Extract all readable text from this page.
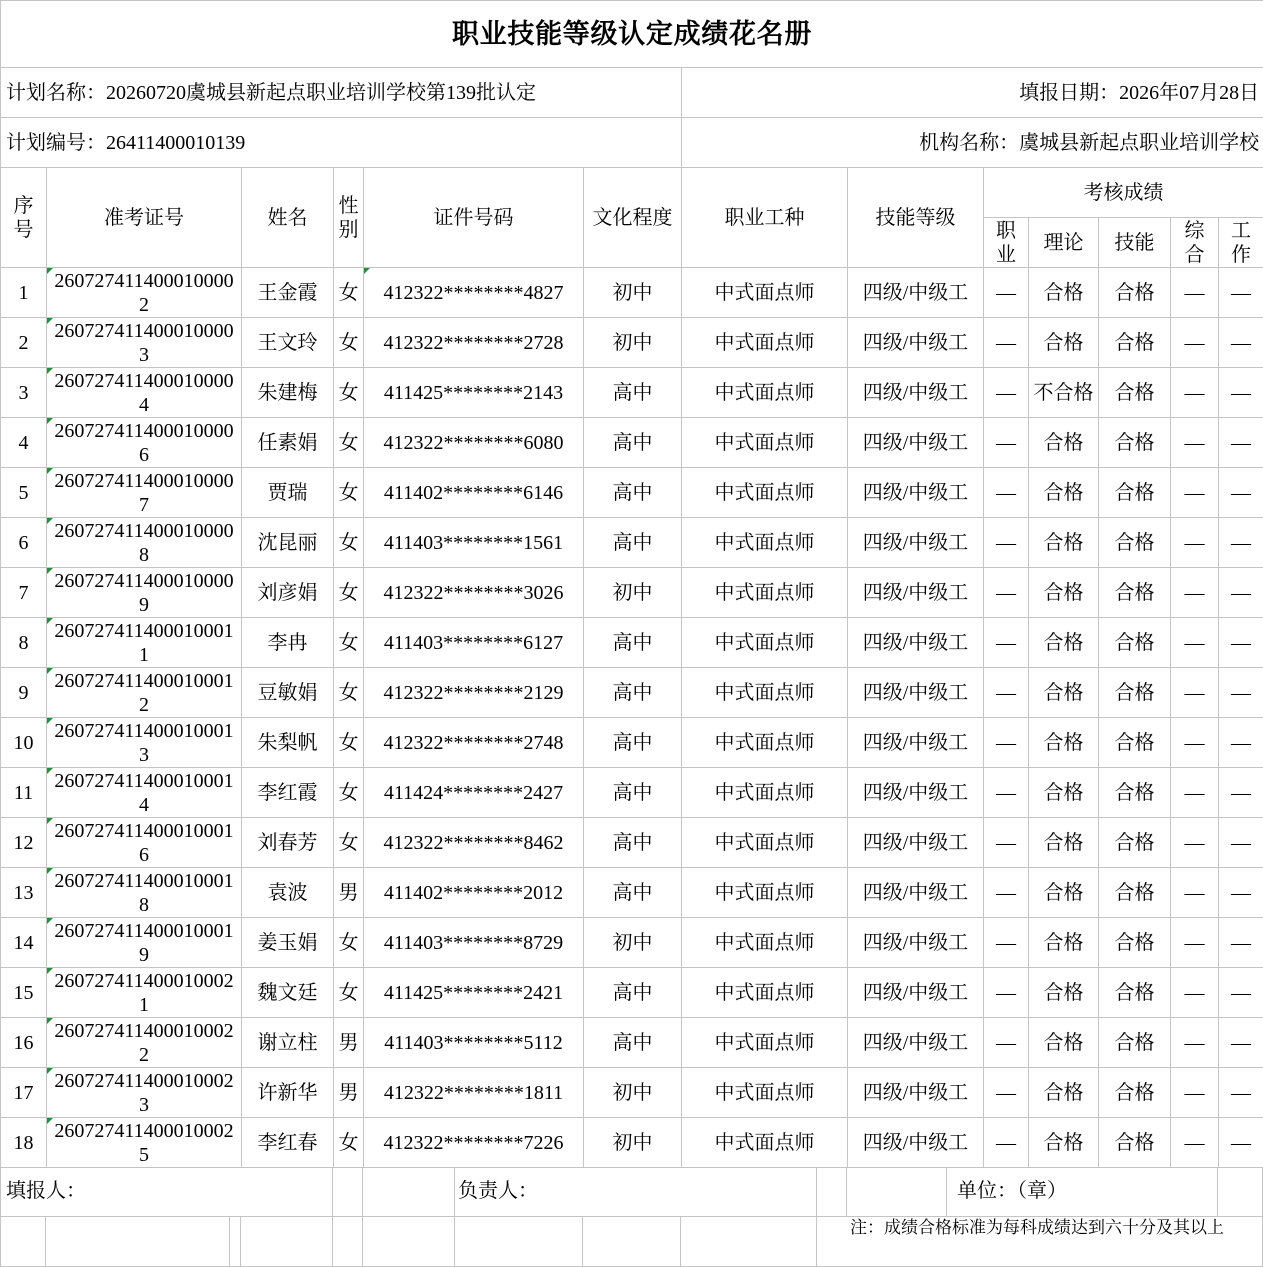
职业技能等级认定成绩花名册												
计划名称：20260720虞城县新起点职业培训学校第139批认定						填报日期：2026年07月28日						
计划编号：26411400010139						机构名称：虞城县新起点职业培训学校						

序号	准考证号	姓名	性别	证件号码	文化程度	职业工种	技能等级	考核成绩				

								职业	理论	技能	综合	工作

1	2607274114000100002	王金霞	女	412322********4827	初中	中式面点师	四级/中级工	—	合格	合格	—	—
2	2607274114000100003	王文玲	女	412322********2728	初中	中式面点师	四级/中级工	—	合格	合格	—	—
3	2607274114000100004	朱建梅	女	411425********2143	高中	中式面点师	四级/中级工	—	不合格	合格	—	—
4	2607274114000100006	任素娟	女	412322********6080	高中	中式面点师	四级/中级工	—	合格	合格	—	—
5	2607274114000100007	贾瑞	女	411402********6146	高中	中式面点师	四级/中级工	—	合格	合格	—	—
6	2607274114000100008	沈昆丽	女	411403********1561	高中	中式面点师	四级/中级工	—	合格	合格	—	—
7	2607274114000100009	刘彦娟	女	412322********3026	初中	中式面点师	四级/中级工	—	合格	合格	—	—
8	2607274114000100011	李冉	女	411403********6127	高中	中式面点师	四级/中级工	—	合格	合格	—	—
9	2607274114000100012	豆敏娟	女	412322********2129	高中	中式面点师	四级/中级工	—	合格	合格	—	—
10	2607274114000100013	朱梨帆	女	412322********2748	高中	中式面点师	四级/中级工	—	合格	合格	—	—
11	2607274114000100014	李红霞	女	411424********2427	高中	中式面点师	四级/中级工	—	合格	合格	—	—
12	2607274114000100016	刘春芳	女	412322********8462	高中	中式面点师	四级/中级工	—	合格	合格	—	—
13	2607274114000100018	袁波	男	411402********2012	高中	中式面点师	四级/中级工	—	合格	合格	—	—
14	2607274114000100019	姜玉娟	女	411403********8729	初中	中式面点师	四级/中级工	—	合格	合格	—	—
15	2607274114000100021	魏文廷	女	411425********2421	高中	中式面点师	四级/中级工	—	合格	合格	—	—
16	2607274114000100022	谢立柱	男	411403********5112	高中	中式面点师	四级/中级工	—	合格	合格	—	—
17	2607274114000100023	许新华	男	412322********1811	初中	中式面点师	四级/中级工	—	合格	合格	—	—
18	2607274114000100025	李红春	女	412322********7226	初中	中式面点师	四级/中级工	—	合格	合格	—	—
填报人：	负责人：	单位：（章）
注：成绩合格标准为每科成绩达到六十分及其以上
